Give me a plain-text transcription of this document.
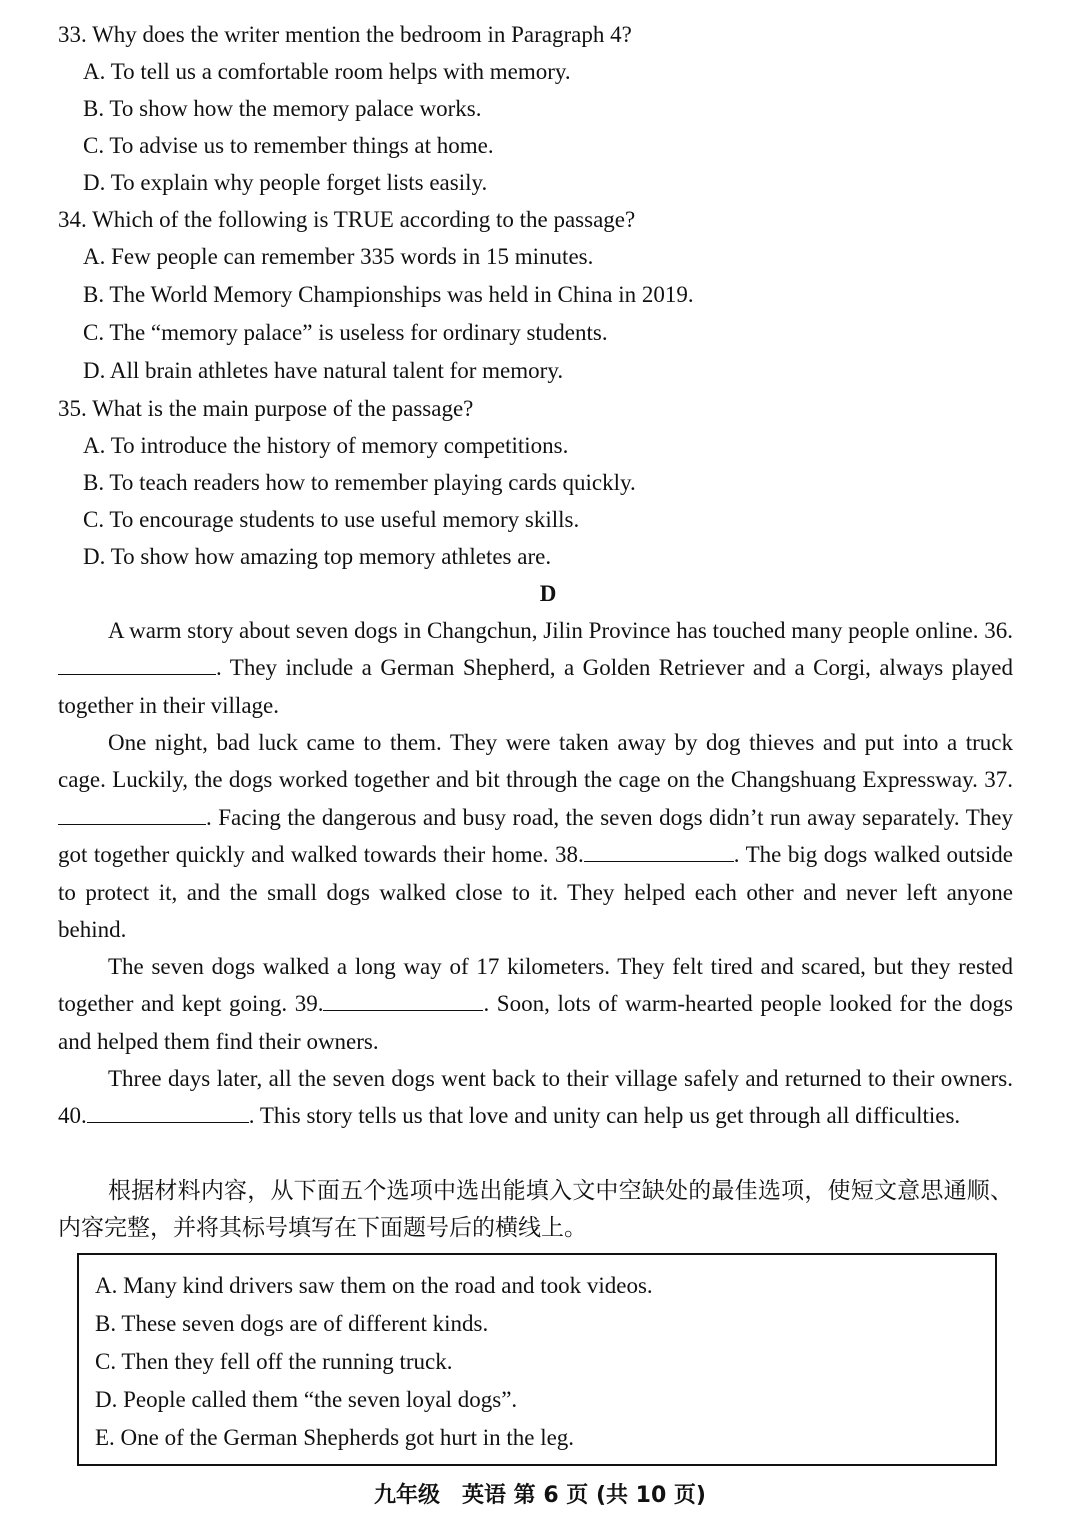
33. Why does the writer mention the bedroom in Paragraph 4?
A. To tell us a comfortable room helps with memory.
B. To show how the memory palace works.
C. To advise us to remember things at home.
D. To explain why people forget lists easily.
34. Which of the following is TRUE according to the passage?
A. Few people can remember 335 words in 15 minutes.
B. The World Memory Championships was held in China in 2019.
C. The “memory palace” is useless for ordinary students.
D. All brain athletes have natural talent for memory.
35. What is the main purpose of the passage?
A. To introduce the history of memory competitions.
B. To teach readers how to remember playing cards quickly.
C. To encourage students to use useful memory skills.
D. To show how amazing top memory athletes are.
D
A warm story about seven dogs in Changchun, Jilin Province has touched many people online. 36.. They include a German Shepherd, a Golden Retriever and a Corgi, always played together in their village.
One night, bad luck came to them. They were taken away by dog thieves and put into a truck cage. Luckily, the dogs worked together and bit through the cage on the Changshuang Expressway. 37.. Facing the dangerous and busy road, the seven dogs didn’t run away separately. They got together quickly and walked towards their home. 38.	. The big dogs walked outside to protect it, and the small dogs walked close to it. They helped each other and never left anyone behind.
The seven dogs walked a long way of 17 kilometers. They felt tired and scared, but they rested together and kept going. 39.	. Soon, lots of warm-hearted people looked for the dogs and helped them find their owners.
Three days later, all the seven dogs went back to their village safely and returned to their owners. 40.	. This story tells us that love and unity can help us get through all difficulties.
根据材料内容，从下面五个选项中选出能填入文中空缺处的最佳选项，使短文意思通顺、内容完整，并将其标号填写在下面题号后的横线上。
A. Many kind drivers saw them on the road and took videos.
B. These seven dogs are of different kinds.
C. Then they fell off the running truck.
D. People called them “the seven loyal dogs”.
E. One of the German Shepherds got hurt in the leg.
九年级　英语 第 6 页 (共 10 页)
